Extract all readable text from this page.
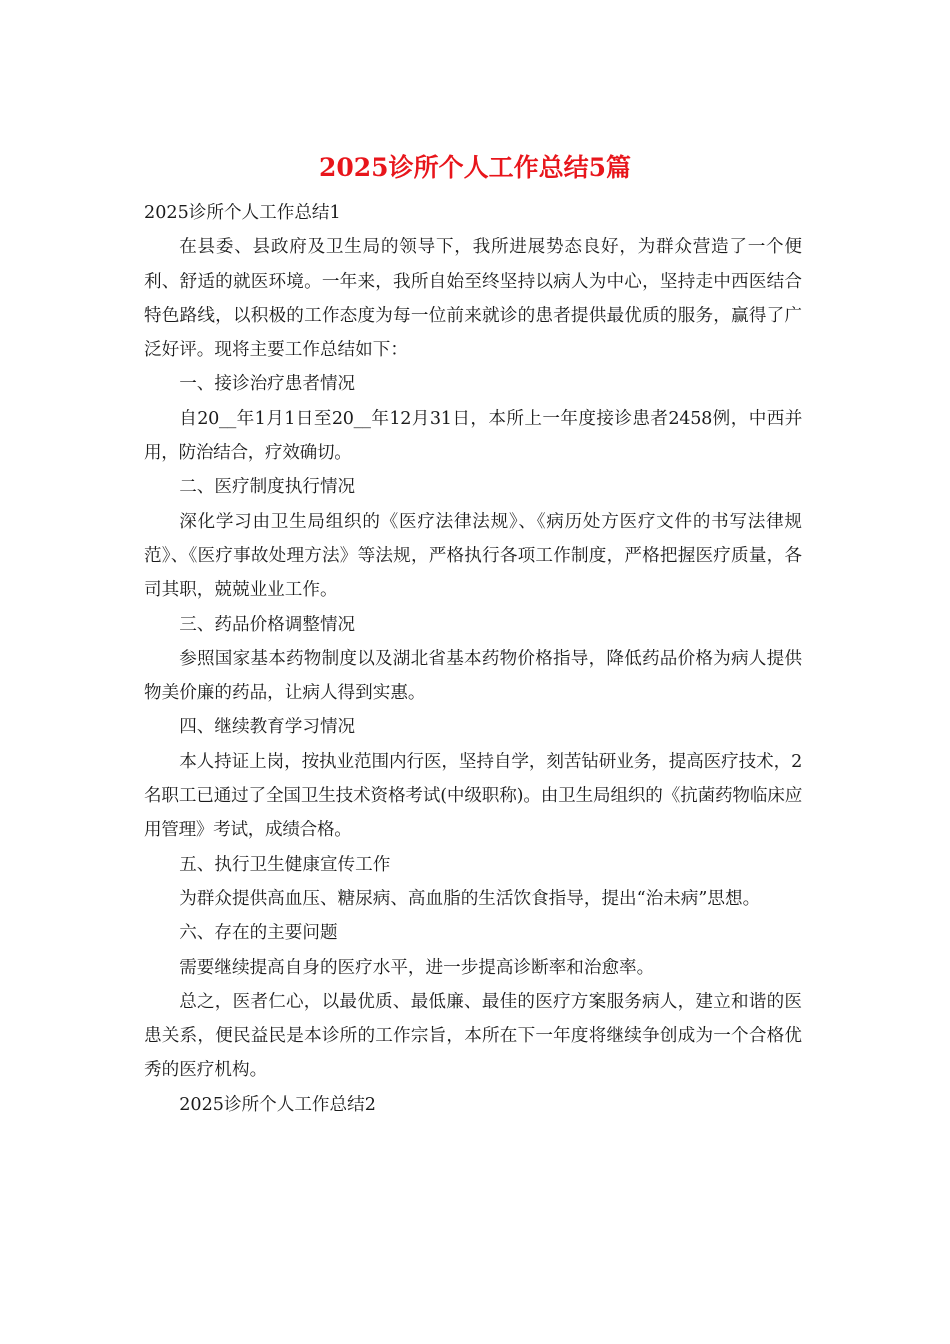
2025诊所个人工作总结5篇

2025诊所个人工作总结1

在县委、县政府及卫生局的领导下，我所进展势态良好，为群众营造了一个便利、舒适的就医环境。一年来，我所自始至终坚持以病人为中心，坚持走中西医结合特色路线，以积极的工作态度为每一位前来就诊的患者提供最优质的服务，赢得了广泛好评。现将主要工作总结如下：

一、接诊治疗患者情况

自20__年1月1日至20__年12月31日，本所上一年度接诊患者2458例，中西并用，防治结合，疗效确切。

二、医疗制度执行情况

深化学习由卫生局组织的《医疗法律法规》、《病历处方医疗文件的书写法律规范》、《医疗事故处理方法》等法规，严格执行各项工作制度，严格把握医疗质量，各司其职，兢兢业业工作。

三、药品价格调整情况

参照国家基本药物制度以及湖北省基本药物价格指导，降低药品价格为病人提供物美价廉的药品，让病人得到实惠。

四、继续教育学习情况

本人持证上岗，按执业范围内行医，坚持自学，刻苦钻研业务，提高医疗技术，2名职工已通过了全国卫生技术资格考试(中级职称)。由卫生局组织的《抗菌药物临床应用管理》考试，成绩合格。

五、执行卫生健康宣传工作

为群众提供高血压、糖尿病、高血脂的生活饮食指导，提出“治未病”思想。

六、存在的主要问题

需要继续提高自身的医疗水平，进一步提高诊断率和治愈率。

总之，医者仁心，以最优质、最低廉、最佳的医疗方案服务病人，建立和谐的医患关系，便民益民是本诊所的工作宗旨，本所在下一年度将继续争创成为一个合格优秀的医疗机构。

2025诊所个人工作总结2
